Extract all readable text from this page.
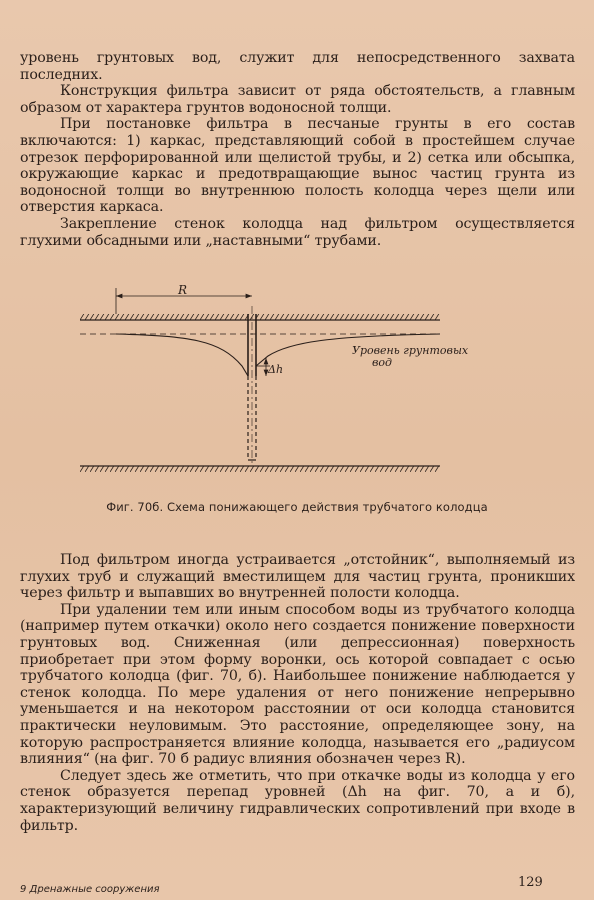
уровень грунтовых вод, служит для непосредственного захвата последних.

Конструкция фильтра зависит от ряда обстоятельств, а главным образом от характера грунтов водоносной толщи.

При постановке фильтра в песчаные грунты в его состав включаются: 1) каркас, представляющий собой в простейшем случае отрезок перфорированной или щелистой трубы, и 2) сетка или обсыпка, окружающие каркас и предотвращающие вынос частиц грунта из водоносной толщи во внутреннюю полость колодца через щели или отверстия каркаса.

Закрепление стенок колодца над фильтром осуществляется глухими обсадными или „наставными“ трубами.

R
Δh
Уровень грунтовых
вод
Фиг. 70б. Схема понижающего действия трубчатого колодца

Под фильтром иногда устраивается „отстойник“, выполняемый из глухих труб и служащий вместилищем для частиц грунта, проникших через фильтр и выпавших во внутренней полости колодца.

При удалении тем или иным способом воды из трубчатого колодца (например путем откачки) около него создается понижение поверхности грунтовых вод. Сниженная (или депрессионная) поверхность приобретает при этом форму воронки, ось которой совпадает с осью трубчатого колодца (фиг. 70, б). Наибольшее понижение наблюдается у стенок колодца. По мере удаления от него понижение непрерывно уменьшается и на некотором расстоянии от оси колодца становится практически неуловимым. Это расстояние, определяющее зону, на которую распространяется влияние колодца, называется его „радиусом влияния“ (на фиг. 70 б радиус влияния обозначен через R).

Следует здесь же отметить, что при откачке воды из колодца у его стенок образуется перепад уровней (Δh на фиг. 70, а и б), характеризующий величину гидравлических сопротивлений при входе в фильтр.

9 Дренажные сооружения	129
